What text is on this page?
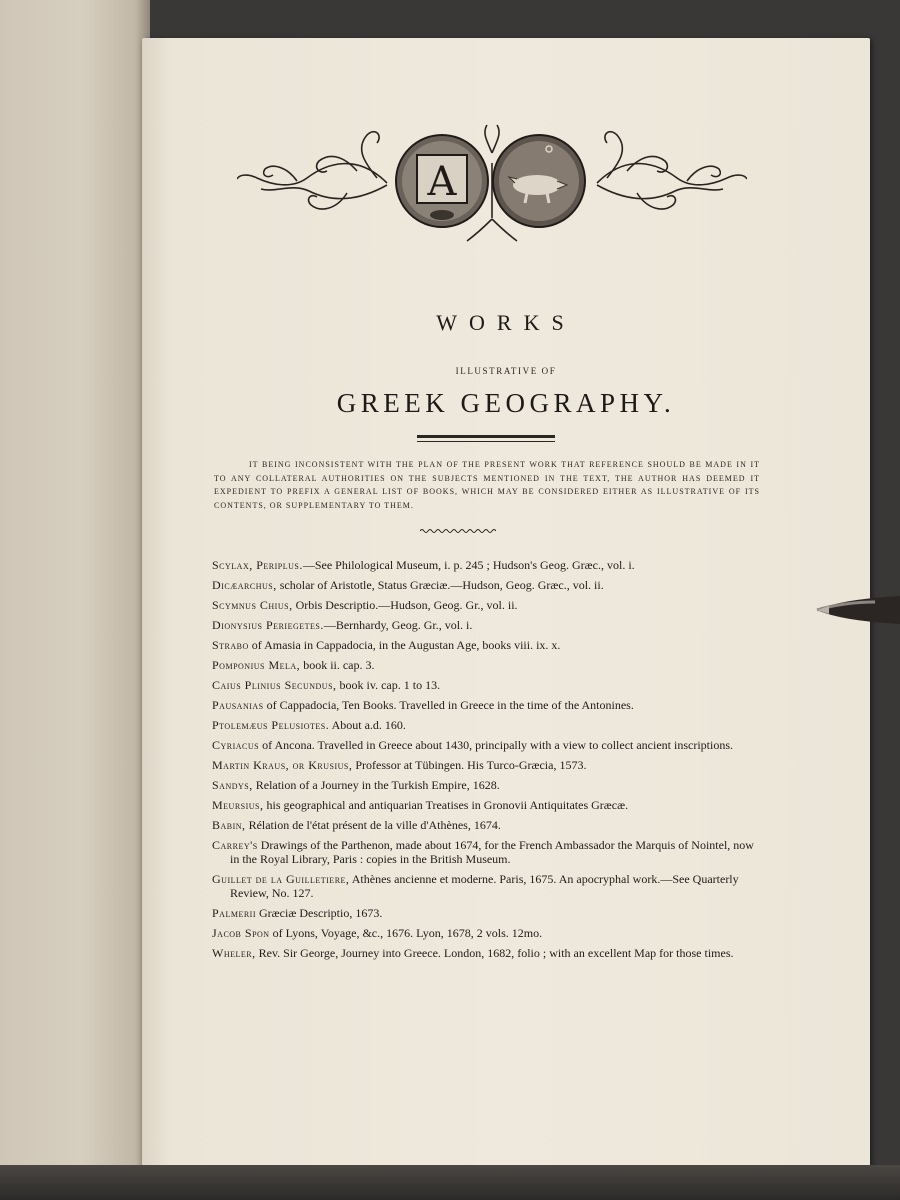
A
WORKS
ILLUSTRATIVE OF
GREEK GEOGRAPHY.
IT BEING INCONSISTENT WITH THE PLAN OF THE PRESENT WORK THAT REFERENCE SHOULD BE MADE IN IT TO ANY COLLATERAL AUTHORITIES ON THE SUBJECTS MENTIONED IN THE TEXT, THE AUTHOR HAS DEEMED IT EXPEDIENT TO PREFIX A GENERAL LIST OF BOOKS, WHICH MAY BE CONSIDERED EITHER AS ILLUSTRATIVE OF ITS CONTENTS, OR SUPPLEMENTARY TO THEM.

Scylax, Periplus.—See Philological Museum, i. p. 245 ; Hudson's Geog. Græc., vol. i.

Dicæarchus, scholar of Aristotle, Status Græciæ.—Hudson, Geog. Græc., vol. ii.

Scymnus Chius, Orbis Descriptio.—Hudson, Geog. Gr., vol. ii.

Dionysius Periegetes.—Bernhardy, Geog. Gr., vol. i.

Strabo of Amasia in Cappadocia, in the Augustan Age, books viii. ix. x.

Pomponius Mela, book ii. cap. 3.

Caius Plinius Secundus, book iv. cap. 1 to 13.

Pausanias of Cappadocia, Ten Books. Travelled in Greece in the time of the Antonines.

Ptolemæus Pelusiotes. About a.d. 160.

Cyriacus of Ancona. Travelled in Greece about 1430, principally with a view to collect ancient inscriptions.

Martin Kraus, or Krusius, Professor at Tübingen. His Turco-Græcia, 1573.

Sandys, Relation of a Journey in the Turkish Empire, 1628.

Meursius, his geographical and antiquarian Treatises in Gronovii Antiquitates Græcæ.

Babin, Rélation de l'état présent de la ville d'Athènes, 1674.

Carrey's Drawings of the Parthenon, made about 1674, for the French Ambassador the Marquis of Nointel, now in the Royal Library, Paris : copies in the British Museum.

Guillet de la Guilletiere, Athènes ancienne et moderne. Paris, 1675. An apocryphal work.—See Quarterly Review, No. 127.

Palmerii Græciæ Descriptio, 1673.

Jacob Spon of Lyons, Voyage, &c., 1676. Lyon, 1678, 2 vols. 12mo.

Wheler, Rev. Sir George, Journey into Greece. London, 1682, folio ; with an excellent Map for those times.
